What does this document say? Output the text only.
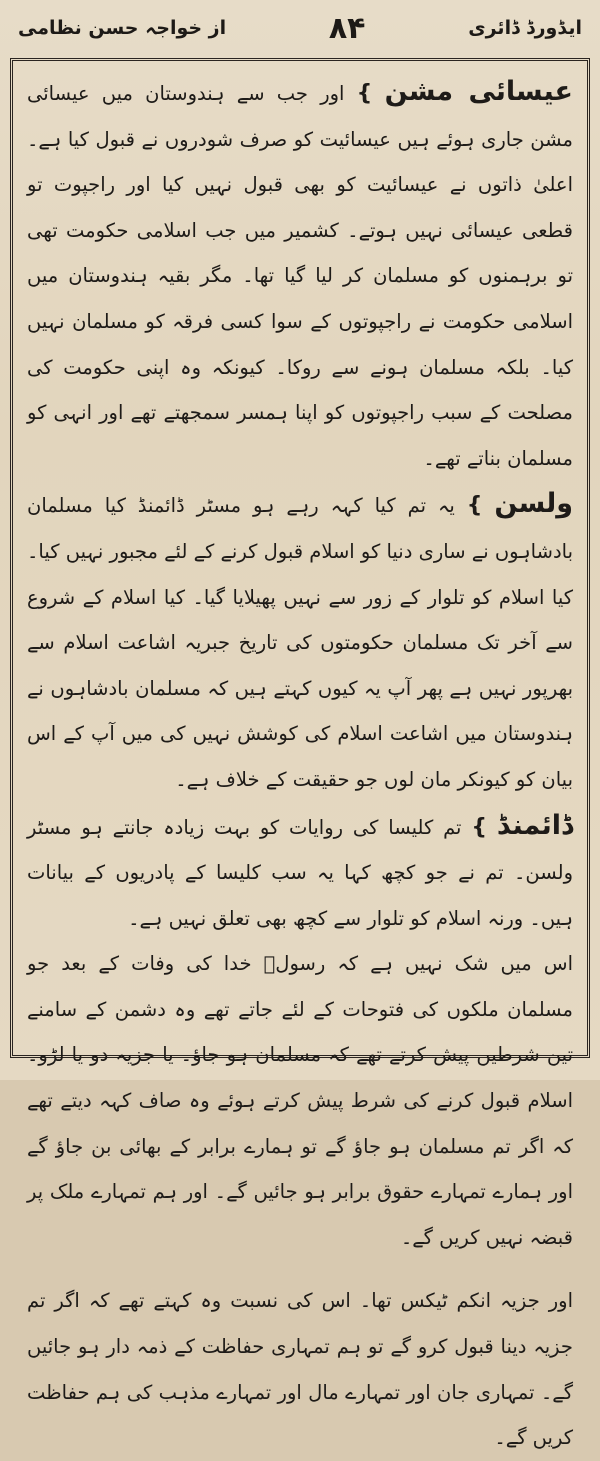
ایڈورڈ ڈائری
۸۴
از خواجہ حسن نظامی

عیسائی مشن } اور جب سے ہندوستان میں عیسائی مشن جاری ہوئے ہیں عیسائیت کو صرف شودروں نے قبول کیا ہے۔ اعلیٰ ذاتوں نے عیسائیت کو بھی قبول نہیں کیا اور راجپوت تو قطعی عیسائی نہیں ہوتے۔ کشمیر میں جب اسلامی حکومت تھی تو برہمنوں کو مسلمان کر لیا گیا تھا۔ مگر بقیہ ہندوستان میں اسلامی حکومت نے راجپوتوں کے سوا کسی فرقہ کو مسلمان نہیں کیا۔ بلکہ مسلمان ہونے سے روکا۔ کیونکہ وہ اپنی حکومت کی مصلحت کے سبب راجپوتوں کو اپنا ہمسر سمجھتے تھے اور انہی کو مسلمان بناتے تھے۔

ولسن } یہ تم کیا کہہ رہے ہو مسٹر ڈائمنڈ کیا مسلمان بادشاہوں نے ساری دنیا کو اسلام قبول کرنے کے لئے مجبور نہیں کیا۔ کیا اسلام کو تلوار کے زور سے نہیں پھیلایا گیا۔ کیا اسلام کے شروع سے آخر تک مسلمان حکومتوں کی تاریخ جبریہ اشاعت اسلام سے بھرپور نہیں ہے پھر آپ یہ کیوں کہتے ہیں کہ مسلمان بادشاہوں نے ہندوستان میں اشاعت اسلام کی کوشش نہیں کی میں آپ کے اس بیان کو کیونکر مان لوں جو حقیقت کے خلاف ہے۔

ڈائمنڈ } تم کلیسا کی روایات کو بہت زیادہ جانتے ہو مسٹر ولسن۔ تم نے جو کچھ کہا یہ سب کلیسا کے پادریوں کے بیانات ہیں۔ ورنہ اسلام کو تلوار سے کچھ بھی تعلق نہیں ہے۔

اس میں شک نہیں ہے کہ رسولؐ خدا کی وفات کے بعد جو مسلمان ملکوں کی فتوحات کے لئے جاتے تھے وہ دشمن کے سامنے تین شرطیں پیش کرتے تھے کہ مسلمان ہو جاؤ۔ یا جزیہ دو یا لڑو۔ اسلام قبول کرنے کی شرط پیش کرتے ہوئے وہ صاف کہہ دیتے تھے کہ اگر تم مسلمان ہو جاؤ گے تو ہمارے برابر کے بھائی بن جاؤ گے اور ہمارے تمہارے حقوق برابر ہو جائیں گے۔ اور ہم تمہارے ملک پر قبضہ نہیں کریں گے۔

اور جزیہ انکم ٹیکس تھا۔ اس کی نسبت وہ کہتے تھے کہ اگر تم جزیہ دینا قبول کرو گے تو ہم تمہاری حفاظت کے ذمہ دار ہو جائیں گے۔ تمہاری جان اور تمہارے مال اور تمہارے مذہب کی ہم حفاظت کریں گے۔
